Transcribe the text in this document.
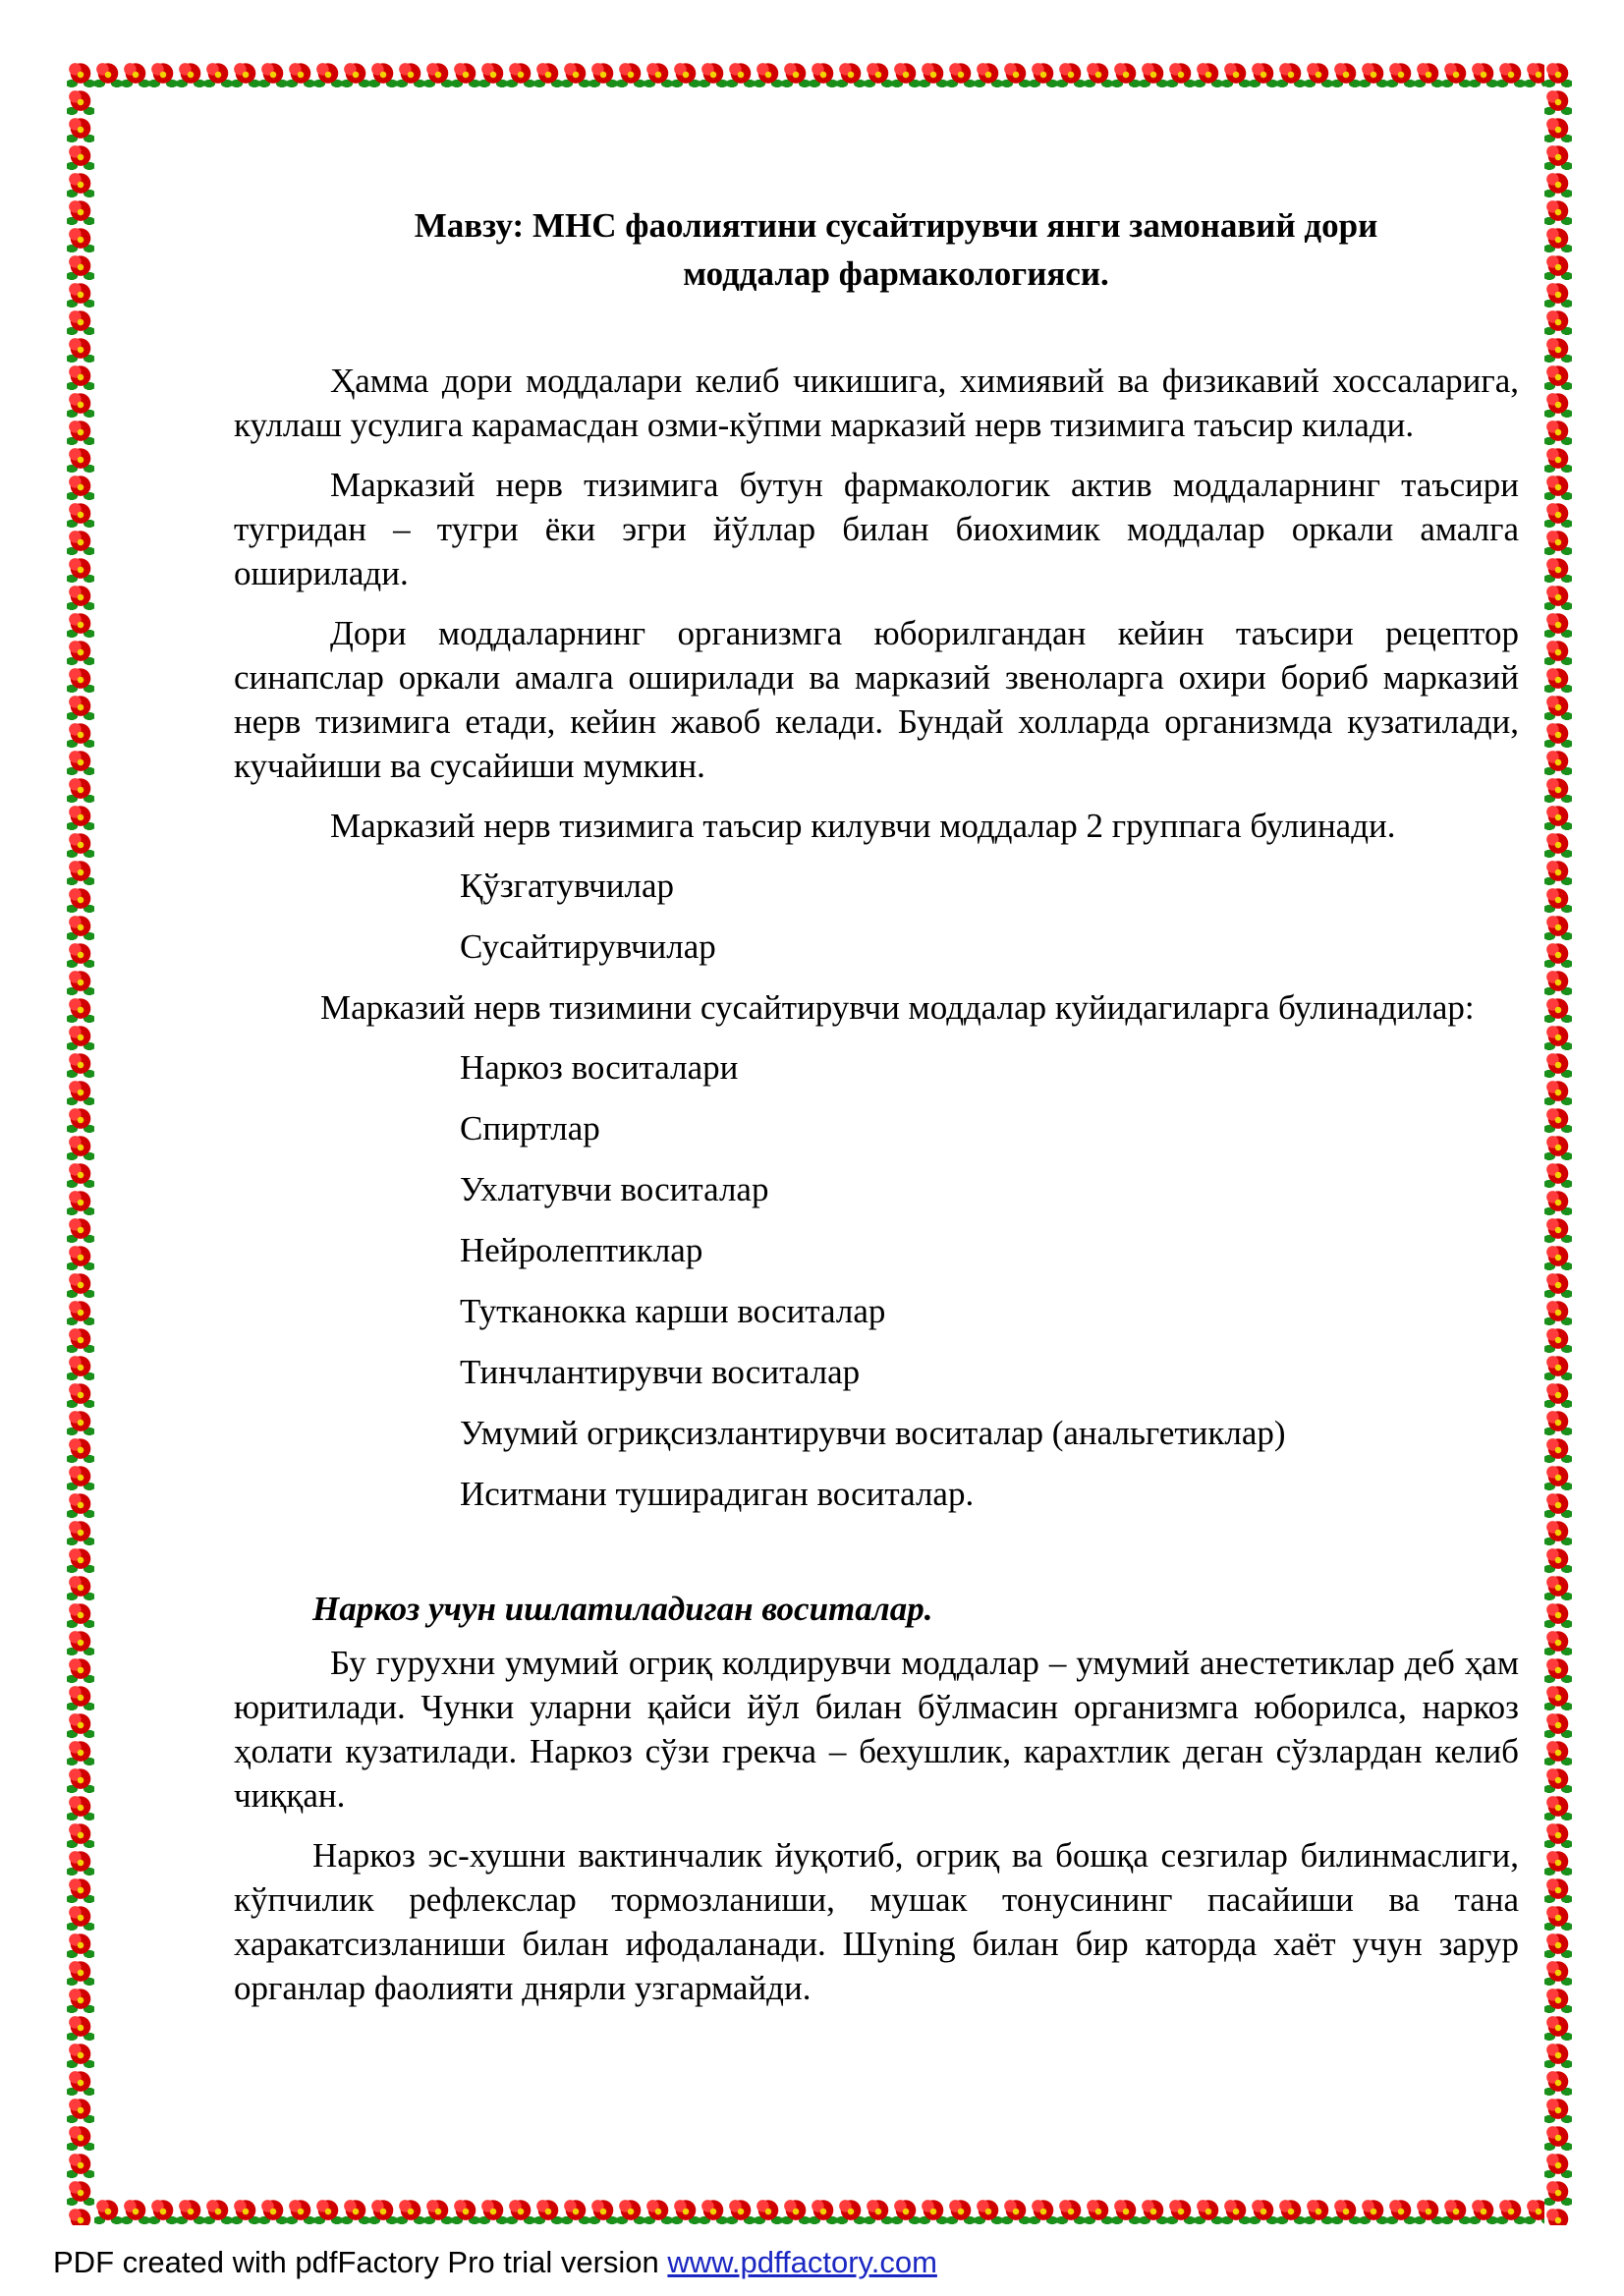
Мавзу: МНС фаолиятини сусайтирувчи янги замонавий дори
моддалар фармакологияси.

Ҳамма дори моддалари келиб чикишига, химиявий ва физикавий хоссаларига, куллаш усулига карамасдан озми-кўпми марказий нерв тизимига таъсир килади.

Марказий нерв тизимига бутун фармакологик актив моддаларнинг таъсири тугридан – тугри ёки эгри йўллар билан биохимик моддалар оркали амалга оширилади.

Дори моддаларнинг организмга юборилгандан кейин таъсири рецептор синапслар оркали амалга оширилади ва марказий звеноларга охири бориб марказий нерв тизимига етади, кейин жавоб келади. Бундай холларда организмда кузатилади, кучайиши ва сусайиши мумкин.

Марказий нерв тизимига таъсир килувчи моддалар 2 группага булинади.

Қўзгатувчилар
Сусайтирувчилар

Марказий нерв тизимини сусайтирувчи моддалар куйидагиларга булинадилар:

Наркоз воситалари
Спиртлар
Ухлатувчи воситалар
Нейролептиклар
Тутканокка карши воситалар
Тинчлантирувчи воситалар
Умумий огриқсизлантирувчи воситалар (анальгетиклар)
Иситмани туширадиган воситалар.
Наркоз учун ишлатиладиган воситалар.

Бу гурухни умумий огриқ колдирувчи моддалар – умумий анестетиклар деб ҳам юритилади. Чунки уларни қайси йўл билан бўлмасин организмга юборилса, наркоз ҳолати кузатилади. Наркоз сўзи грекча – бехушлик, карахтлик деган сўзлардан келиб чиққан.

Наркоз эс-хушни вактинчалик йуқотиб, огриқ ва бошқа сезгилар билинмаслиги, кўпчилик рефлекслар тормозланиши, мушак тонусининг пасайиши ва тана харакатсизланиши билан ифодаланади. Шуning билан бир каторда хаёт учун зарур органлар фаолияти днярли узгармайди.

PDF created with pdfFactory Pro trial version www.pdffactory.com
